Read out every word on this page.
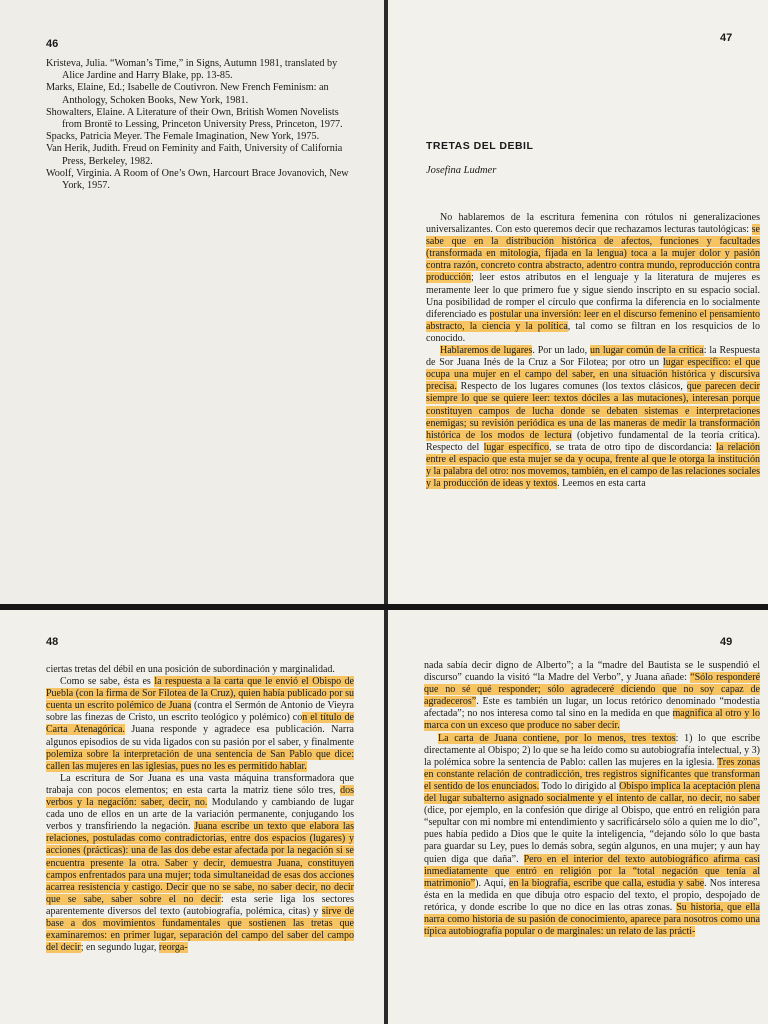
46

Kristeva, Julia. “Woman’s Time,” in Signs, Autumn 1981, translated by Alice Jardine and Harry Blake, pp. 13-85.

Marks, Elaine, Ed.; Isabelle de Coutivron. New French Feminism: an Anthology, Schoken Books, New York, 1981.

Showalters, Elaine. A Literature of their Own, British Women Novelists from Brontë to Lessing, Princeton University Press, Princeton, 1977.

Spacks, Patricia Meyer. The Female Imagination, New York, 1975.

Van Herik, Judith. Freud on Feminity and Faith, University of California Press, Berkeley, 1982.

Woolf, Virginia. A Room of One’s Own, Harcourt Brace Jovanovich, New York, 1957.

47
TRETAS DEL DEBIL
Josefina Ludmer

No hablaremos de la escritura femenina con rótulos ni generalizaciones universalizantes. Con esto queremos decir que rechazamos lecturas tautológicas: se sabe que en la distribución histórica de afectos, funciones y facultades (transformada en mitología, fijada en la lengua) toca a la mujer dolor y pasión contra razón, concreto contra abstracto, adentro contra mundo, reproducción contra producción; leer estos atributos en el lenguaje y la literatura de mujeres es meramente leer lo que primero fue y sigue siendo inscripto en su espacio social. Una posibilidad de romper el círculo que confirma la diferencia en lo socialmente diferenciado es postular una inversión: leer en el discurso femenino el pensamiento abstracto, la ciencia y la política, tal como se filtran en los resquicios de lo conocido.

Hablaremos de lugares. Por un lado, un lugar común de la crítica: la Respuesta de Sor Juana Inés de la Cruz a Sor Filotea; por otro un lugar específico: el que ocupa una mujer en el campo del saber, en una situación histórica y discursiva precisa. Respecto de los lugares comunes (los textos clásicos, que parecen decir siempre lo que se quiere leer: textos dóciles a las mutaciones), interesan porque constituyen campos de lucha donde se debaten sistemas e interpretaciones enemigas; su revisión periódica es una de las maneras de medir la transformación histórica de los modos de lectura (objetivo fundamental de la teoría crítica). Respecto del lugar específico, se trata de otro tipo de discordancia: la relación entre el espacio que esta mujer se da y ocupa, frente al que le otorga la institución y la palabra del otro: nos movemos, también, en el campo de las relaciones sociales y la producción de ideas y textos. Leemos en esta carta

48

ciertas tretas del débil en una posición de subordinación y marginalidad.

Como se sabe, ésta es la respuesta a la carta que le envió el Obispo de Puebla (con la firma de Sor Filotea de la Cruz), quien había publicado por su cuenta un escrito polémico de Juana (contra el Sermón de Antonio de Vieyra sobre las finezas de Cristo, un escrito teológico y polémico) con el título de Carta Atenagórica. Juana responde y agradece esa publicación. Narra algunos episodios de su vida ligados con su pasión por el saber, y finalmente polemiza sobre la interpretación de una sentencia de San Pablo que dice: callen las mujeres en las iglesias, pues no les es permitido hablar.

La escritura de Sor Juana es una vasta máquina transformadora que trabaja con pocos elementos; en esta carta la matriz tiene sólo tres, dos verbos y la negación: saber, decir, no. Modulando y cambiando de lugar cada uno de ellos en un arte de la variación permanente, conjugando los verbos y transfiriendo la negación. Juana escribe un texto que elabora las relaciones, postuladas como contradictorias, entre dos espacios (lugares) y acciones (prácticas): una de las dos debe estar afectada por la negación si se encuentra presente la otra. Saber y decir, demuestra Juana, constituyen campos enfrentados para una mujer; toda simultaneidad de esas dos acciones acarrea resistencia y castigo. Decir que no se sabe, no saber decir, no decir que se sabe, saber sobre el no decir: esta serie liga los sectores aparentemente diversos del texto (autobiografía, polémica, citas) y sirve de base a dos movimientos fundamentales que sostienen las tretas que examinaremos: en primer lugar, separación del campo del saber del campo del decir; en segundo lugar, reorga-

49

nada sabía decir digno de Alberto”; a la “madre del Bautista se le suspendió el discurso” cuando la visitó “la Madre del Verbo”, y Juana añade: “Sólo responderé que no sé qué responder; sólo agradeceré diciendo que no soy capaz de agradeceros”. Este es también un lugar, un locus retórico denominado “modestia afectada”; no nos interesa como tal sino en la medida en que magnifica al otro y lo marca con un exceso que produce no saber decir.

La carta de Juana contiene, por lo menos, tres textos: 1) lo que escribe directamente al Obispo; 2) lo que se ha leído como su autobiografía intelectual, y 3) la polémica sobre la sentencia de Pablo: callen las mujeres en la iglesia. Tres zonas en constante relación de contradicción, tres registros significantes que transforman el sentido de los enunciados. Todo lo dirigido al Obispo implica la aceptación plena del lugar subalterno asignado socialmente y el intento de callar, no decir, no saber (dice, por ejemplo, en la confesión que dirige al Obispo, que entró en religión para “sepultar con mi nombre mi entendimiento y sacrificárselo sólo a quien me lo dio”, pues había pedido a Dios que le quite la inteligencia, “dejando sólo lo que basta para guardar su Ley, pues lo demás sobra, según algunos, en una mujer; y aun hay quien diga que daña”. Pero en el interior del texto autobiográfico afirma casi inmediatamente que entró en religión por la “total negación que tenía al matrimonio”). Aquí, en la biografía, escribe que calla, estudia y sabe. Nos interesa ésta en la medida en que dibuja otro espacio del texto, el propio, despojado de retórica, y donde escribe lo que no dice en las otras zonas. Su historia, que ella narra como historia de su pasión de conocimiento, aparece para nosotros como una típica autobiografía popular o de marginales: un relato de las prácti-
